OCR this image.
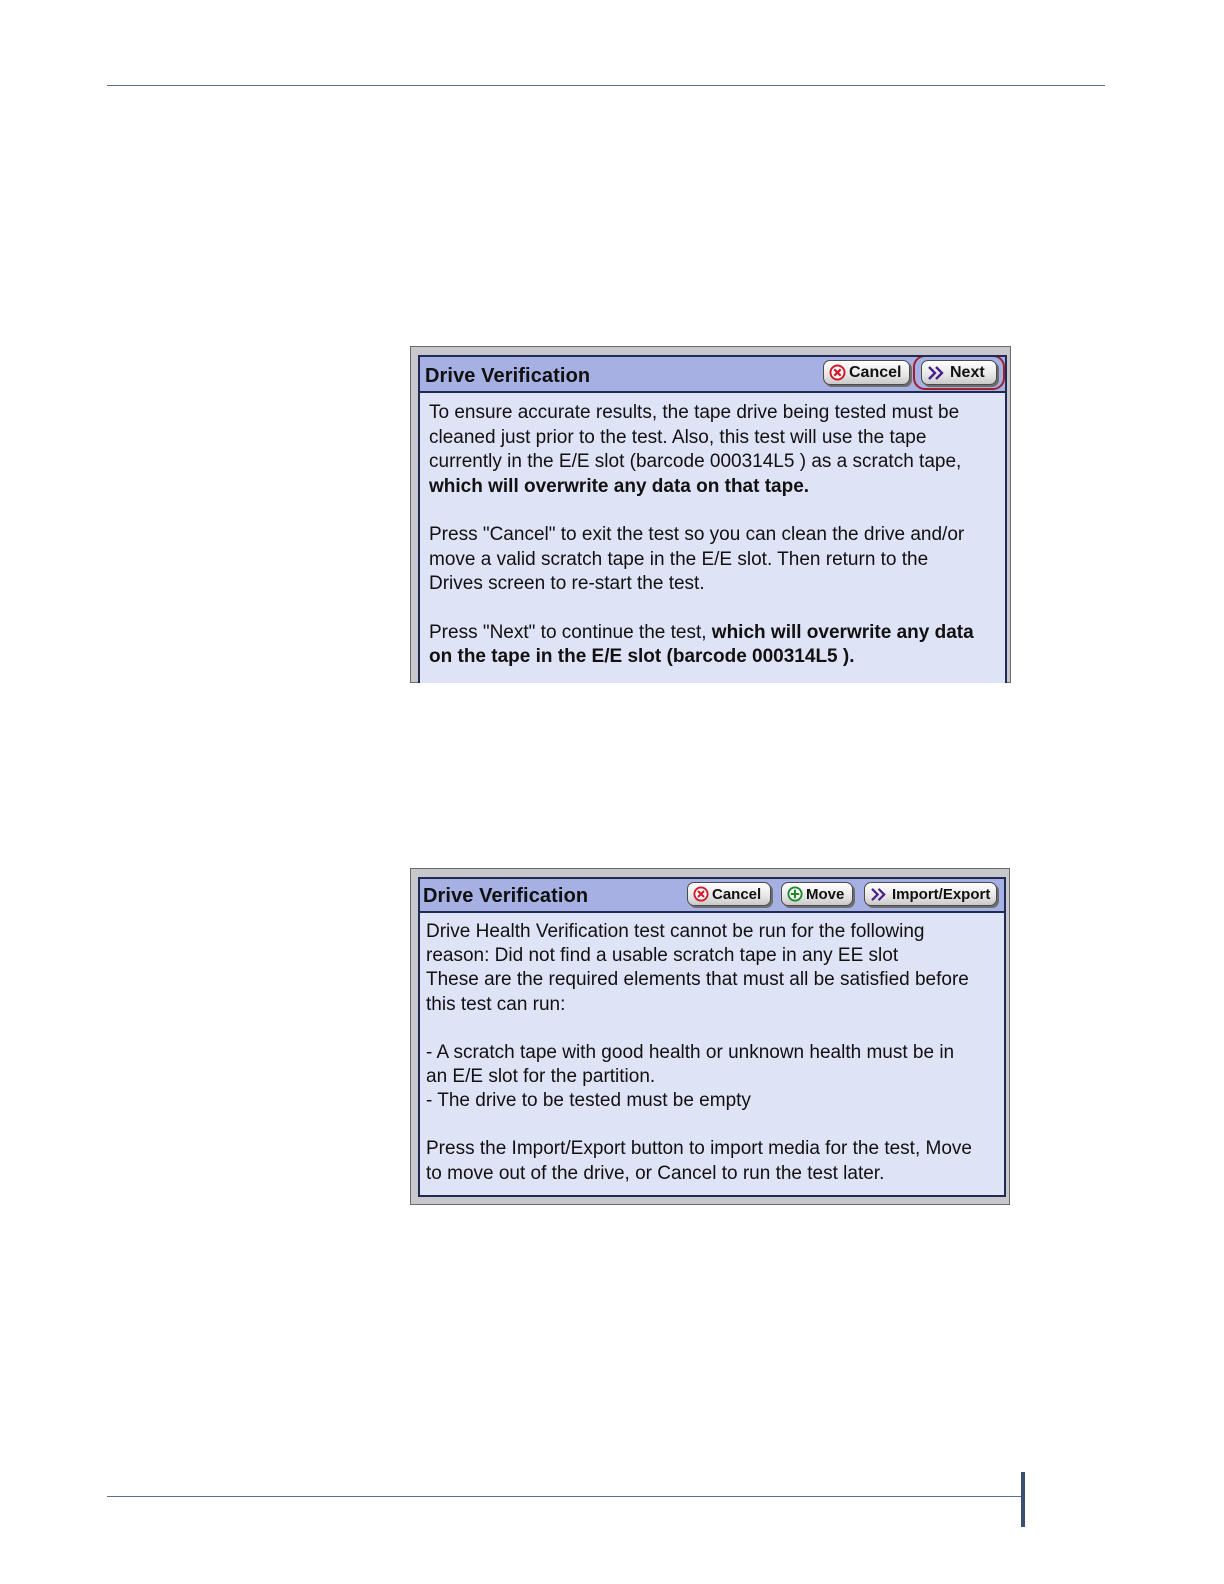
Drive Verification	Cancel	Next

To ensure accurate results, the tape drive being tested must be

cleaned just prior to the test. Also, this test will use the tape

currently in the E/E slot (barcode 000314L5 ) as a scratch tape,

which will overwrite any data on that tape.

Press "Cancel" to exit the test so you can clean the drive and/or

move a valid scratch tape in the E/E slot. Then return to the

Drives screen to re-start the test.

Press "Next" to continue the test, which will overwrite any data

on the tape in the E/E slot (barcode 000314L5 ).

Drive Verification	Cancel	Move	Import/Export

Drive Health Verification test cannot be run for the following

reason: Did not find a usable scratch tape in any EE slot

These are the required elements that must all be satisfied before

this test can run:

- A scratch tape with good health or unknown health must be in

an E/E slot for the partition.

- The drive to be tested must be empty

Press the Import/Export button to import media for the test, Move

to move out of the drive, or Cancel to run the test later.
